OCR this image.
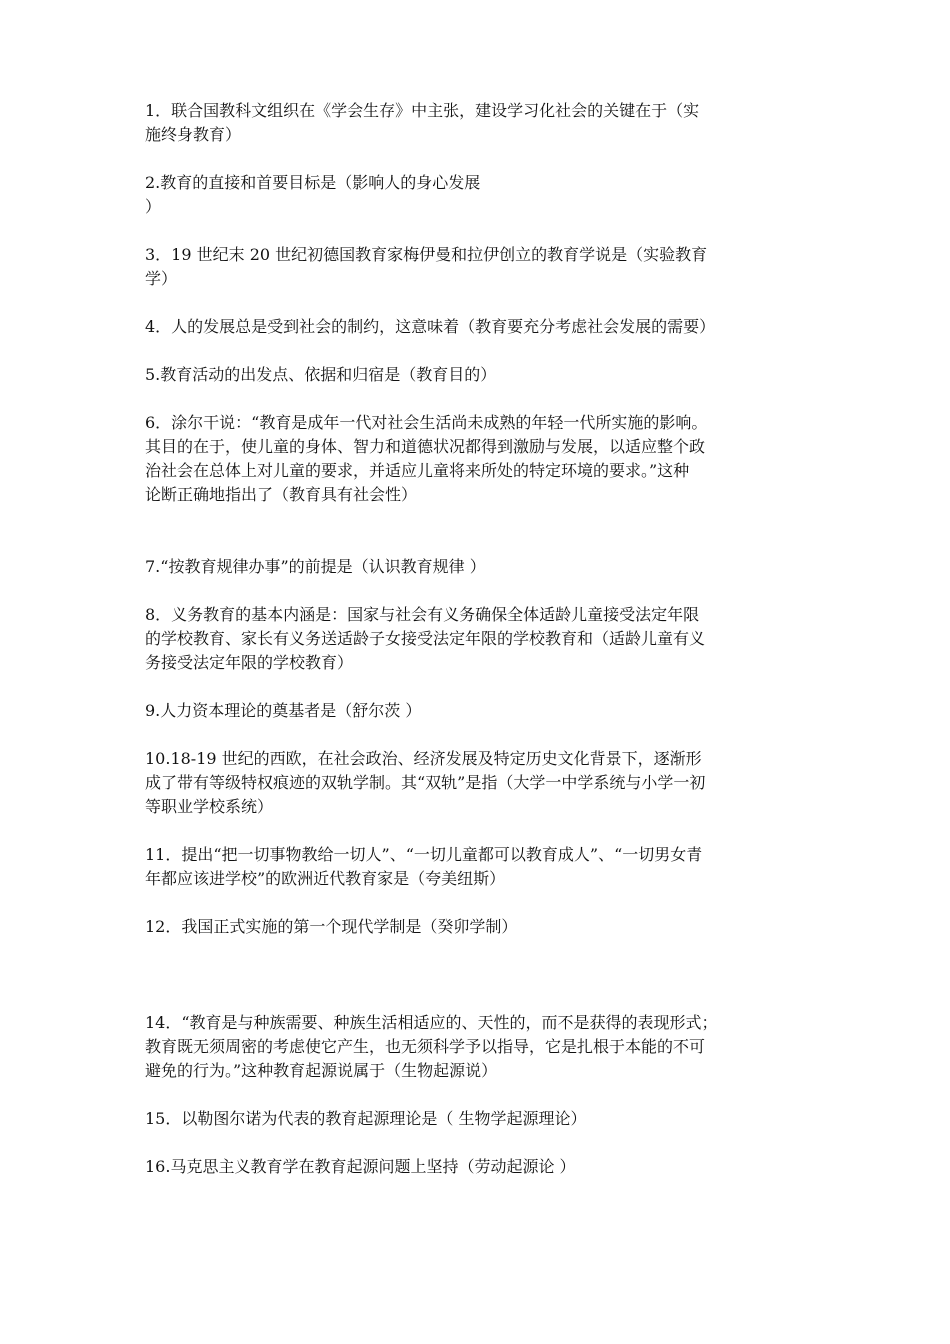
1．联合国教科文组织在《学会生存》中主张，建设学习化社会的关键在于（实
施终身教育）
2.教育的直接和首要目标是（影响人的身心发展
）
3．19 世纪末 20 世纪初德国教育家梅伊曼和拉伊创立的教育学说是（实验教育
学）
4．人的发展总是受到社会的制约，这意味着（教育要充分考虑社会发展的需要）
5.教育活动的出发点、依据和归宿是（教育目的）
6．涂尔干说：“教育是成年一代对社会生活尚未成熟的年轻一代所实施的影响。
其目的在于，使儿童的身体、智力和道德状况都得到激励与发展，以适应整个政
治社会在总体上对儿童的要求，并适应儿童将来所处的特定环境的要求。”这种
论断正确地指出了（教育具有社会性）
7.“按教育规律办事”的前提是（认识教育规律 ）
8．义务教育的基本内涵是：国家与社会有义务确保全体适龄儿童接受法定年限
的学校教育、家长有义务送适龄子女接受法定年限的学校教育和（适龄儿童有义
务接受法定年限的学校教育）
9.人力资本理论的奠基者是（舒尔茨 ）
10.18-19 世纪的西欧，在社会政治、经济发展及特定历史文化背景下，逐渐形
成了带有等级特权痕迹的双轨学制。其“双轨”是指（大学一中学系统与小学一初
等职业学校系统）
11．提出“把一切事物教给一切人”、“一切儿童都可以教育成人”、“一切男女青
年都应该进学校”的欧洲近代教育家是（夸美纽斯）
12．我国正式实施的第一个现代学制是（癸卯学制）
14．“教育是与种族需要、种族生活相适应的、天性的，而不是获得的表现形式；
教育既无须周密的考虑使它产生，也无须科学予以指导，它是扎根于本能的不可
避免的行为。”这种教育起源说属于（生物起源说）
15．以勒图尔诺为代表的教育起源理论是（ 生物学起源理论）
16.马克思主义教育学在教育起源问题上坚持（劳动起源论 ）
